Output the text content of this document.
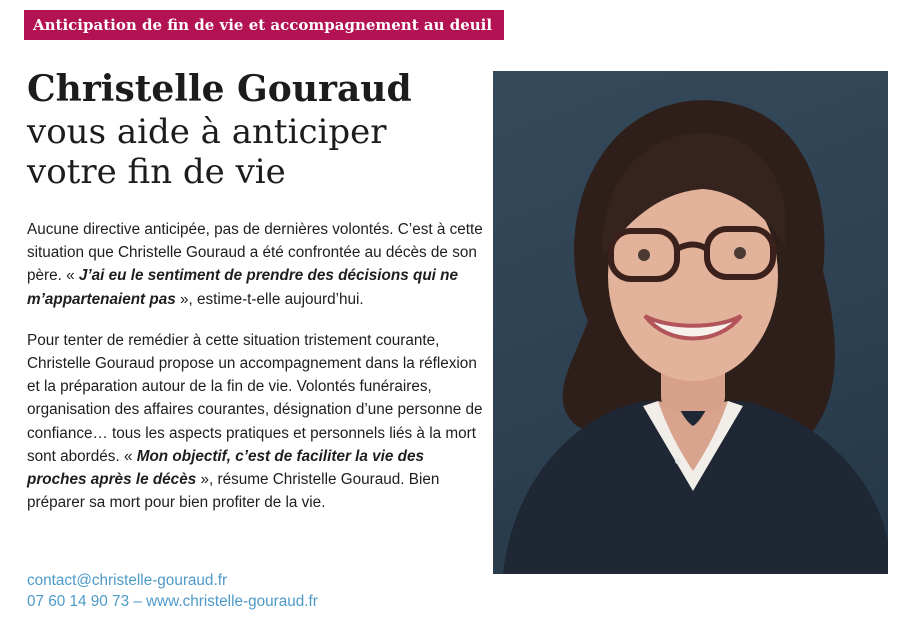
Anticipation de fin de vie et accompagnement au deuil
Christelle Gouraud
vous aide à anticiper
votre fin de vie

Aucune directive anticipée, pas de dernières volontés. C’est à cette situation que Christelle Gouraud a été confrontée au décès de son père. « J’ai eu le sentiment de prendre des décisions qui ne m’appartenaient pas », estime-t-elle aujourd’hui.

Pour tenter de remédier à cette situation tristement courante, Christelle Gouraud propose un accompagnement dans la réflexion et la préparation autour de la fin de vie. Volontés funéraires, organisation des affaires courantes, désignation d’une personne de confiance… tous les aspects pratiques et personnels liés à la mort sont abordés. « Mon objectif, c’est de faciliter la vie des proches après le décès », résume Christelle Gouraud. Bien préparer sa mort pour bien profiter de la vie.

contact@christelle-gouraud.fr
07 60 14 90 73 – www.christelle-gouraud.fr
